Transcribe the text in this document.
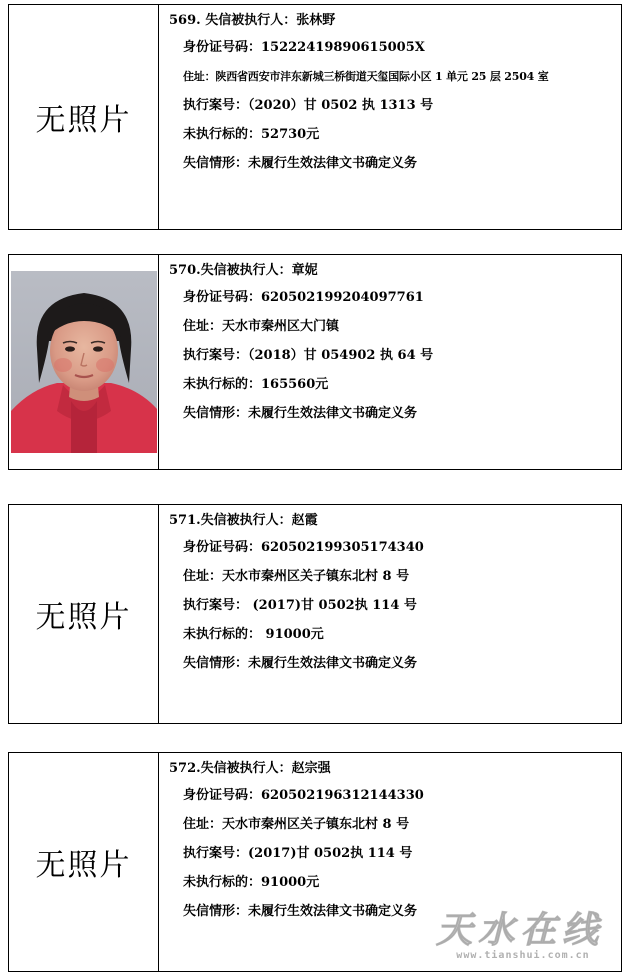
无照片
569. 失信被执行人：张林野
身份证号码：15222419890615005X
住址：陕西省西安市沣东新城三桥街道天玺国际小区 1 单元 25 层 2504 室
执行案号：（2020）甘 0502 执 1313 号
未执行标的：52730元
失信情形：未履行生效法律文书确定义务
570.失信被执行人：章妮
身份证号码：620502199204097761
住址：天水市秦州区大门镇
执行案号：（2018）甘 054902 执 64 号
未执行标的：165560元
失信情形：未履行生效法律文书确定义务
无照片
571.失信被执行人：赵霞
身份证号码：620502199305174340
住址：天水市秦州区关子镇东北村 8 号
执行案号： (2017)甘 0502执 114 号
未执行标的： 91000元
失信情形：未履行生效法律文书确定义务
无照片
572.失信被执行人：赵宗强
身份证号码：620502196312144330
住址：天水市秦州区关子镇东北村 8 号
执行案号：(2017)甘 0502执 114 号
未执行标的：91000元
失信情形：未履行生效法律文书确定义务 天水在线
www.tianshui.com.cn
